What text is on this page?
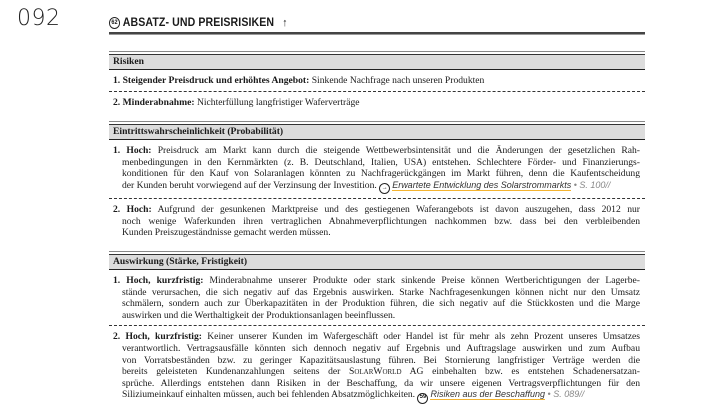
092	62 ABSATZ- UND PREISRISIKEN ↑
Risiken
1. Steigender Preisdruck und erhöhtes Angebot: Sinkende Nachfrage nach unseren Produkten
2. Minderabnahme: Nichterfüllung langfristiger Waferverträge
Eintrittswahrscheinlichkeit (Probabilität)
1. Hoch: Preisdruck am Markt kann durch die steigende Wettbewerbsintensität und die Änderungen der gesetzlichen Rah-
menbedingungen in den Kernmärkten (z. B. Deutschland, Italien, USA) entstehen. Schlechtere Förder- und Finanzierungs-
konditionen für den Kauf von Solaranlagen könnten zu Nachfragerückgängen im Markt führen, denn die Kaufentscheidung
der Kunden beruht vorwiegend auf der Verzinsung der Investition. → Erwartete Entwicklung des Solarstrommarkts • S. 100//
2. Hoch: Aufgrund der gesunkenen Marktpreise und des gestiegenen Waferangebots ist davon auszugehen, dass 2012 nur
noch wenige Waferkunden ihren vertraglichen Abnahmeverpflichtungen nachkommen bzw. dass bei den verbleibenden
Kunden Preiszugeständnisse gemacht werden müssen.
Auswirkung (Stärke, Fristigkeit)
1. Hoch, kurzfristig: Minderabnahme unserer Produkte oder stark sinkende Preise können Wertberichtigungen der Lagerbe-
stände verursachen, die sich negativ auf das Ergebnis auswirken. Starke Nachfragesenkungen können nicht nur den Umsatz
schmälern, sondern auch zur Überkapazitäten in der Produktion führen, die sich negativ auf die Stückkosten und die Marge
auswirken und die Werthaltigkeit der Produktionsanlagen beeinflussen.
2. Hoch, kurzfristig: Keiner unserer Kunden im Wafergeschäft oder Handel ist für mehr als zehn Prozent unseres Umsatzes
verantwortlich. Vertragsausfälle könnten sich dennoch negativ auf Ergebnis und Auftragslage auswirken und zum Aufbau
von Vorratsbeständen bzw. zu geringer Kapazitätsauslastung führen. Bei Stornierung langfristiger Verträge werden die
bereits geleisteten Kundenanzahlungen seitens der SolarWorld AG einbehalten bzw. es entstehen Schadenersatzan-
sprüche. Allerdings entstehen dann Risiken in der Beschaffung, da wir unsere eigenen Vertragsverpflichtungen für den
Siliziumeinkauf einhalten müssen, auch bei fehlenden Absatzmöglichkeiten. 59 Risiken aus der Beschaffung • S. 089//
